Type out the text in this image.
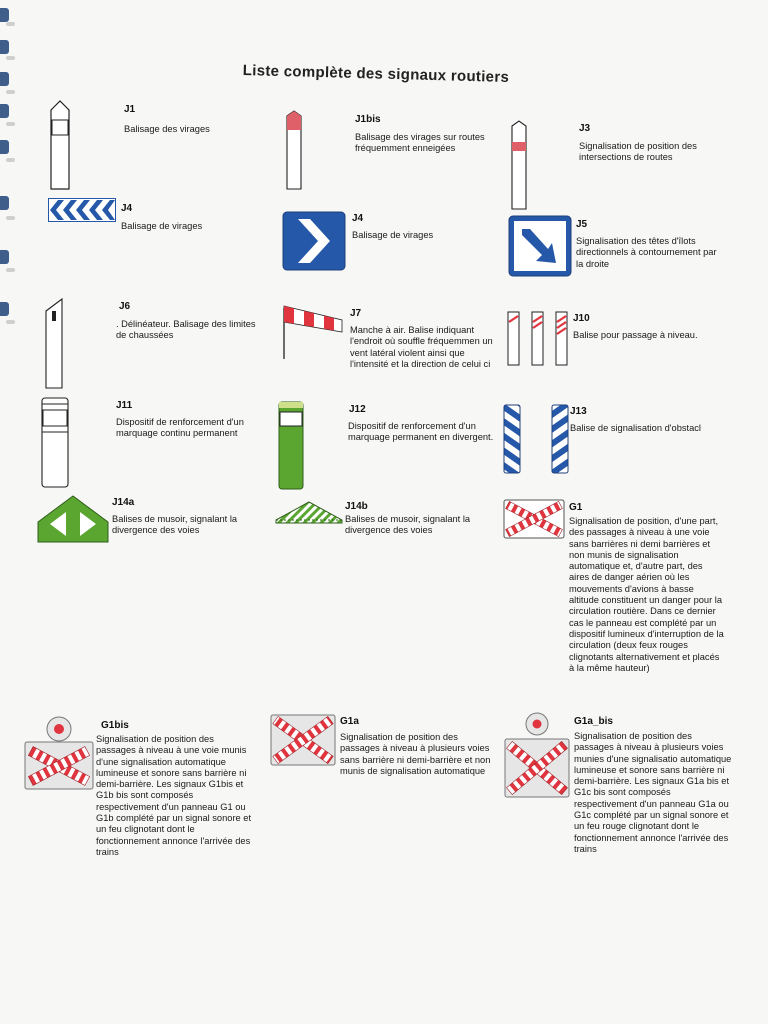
Liste complète des signaux routiers
J1
Balisage des virages
J1bis
Balisage des virages sur routes fréquemment enneigées
J3
Signalisation de position des intersections de routes
J4
Balisage de virages
J4
Balisage de virages
J5
Signalisation des têtes d'îlots directionnels à contournement par la droite
J6
. Délinéateur. Balisage des limites de chaussées
J7
Manche à air. Balise indiquant l'endroit où souffle fréquemmen un vent latéral violent ainsi que l'intensité et la direction de celui ci
J10
Balise pour passage à niveau.
J11
Dispositif de renforcement d'un marquage continu permanent
J12
Dispositif de renforcement d'un marquage permanent en divergent.
J13
Balise de signalisation d'obstacl
J14a
Balises de musoir, signalant la divergence des voies
J14b
Balises de musoir, signalant la divergence des voies
G1
Signalisation de position, d'une part, des passages à niveau à une voie sans barrières ni demi barrières et non munis de signalisation automatique et, d'autre part, des aires de danger aérien où les mouvements d'avions à basse altitude constituent un danger pour la circulation routière. Dans ce dernier cas le panneau est complété par un dispositif lumineux d'interruption de la circulation (deux feux rouges clignotants alternativement et placés à la même hauteur)
G1bis
Signalisation de position des passages à niveau à une voie munis d'une signalisation automatique lumineuse et sonore sans barrière ni demi-barrière. Les signaux G1bis et G1b bis sont composés respectivement d'un panneau G1 ou G1b complété par un signal sonore et un feu clignotant dont le fonctionnement annonce l'arrivée des trains
G1a
Signalisation de position des passages à niveau à plusieurs voies sans barrière ni demi-barrière et non munis de signalisation automatique
G1a_bis
Signalisation de position des passages à niveau à plusieurs voies munies d'une signalisatio automatique lumineuse et sonore sans barrière ni demi-barrière. Les signaux G1a bis et G1c bis sont composés respectivement d'un panneau G1a ou G1c complété par un signal sonore et un feu rouge clignotant dont le fonctionnement annonce l'arrivée des trains
